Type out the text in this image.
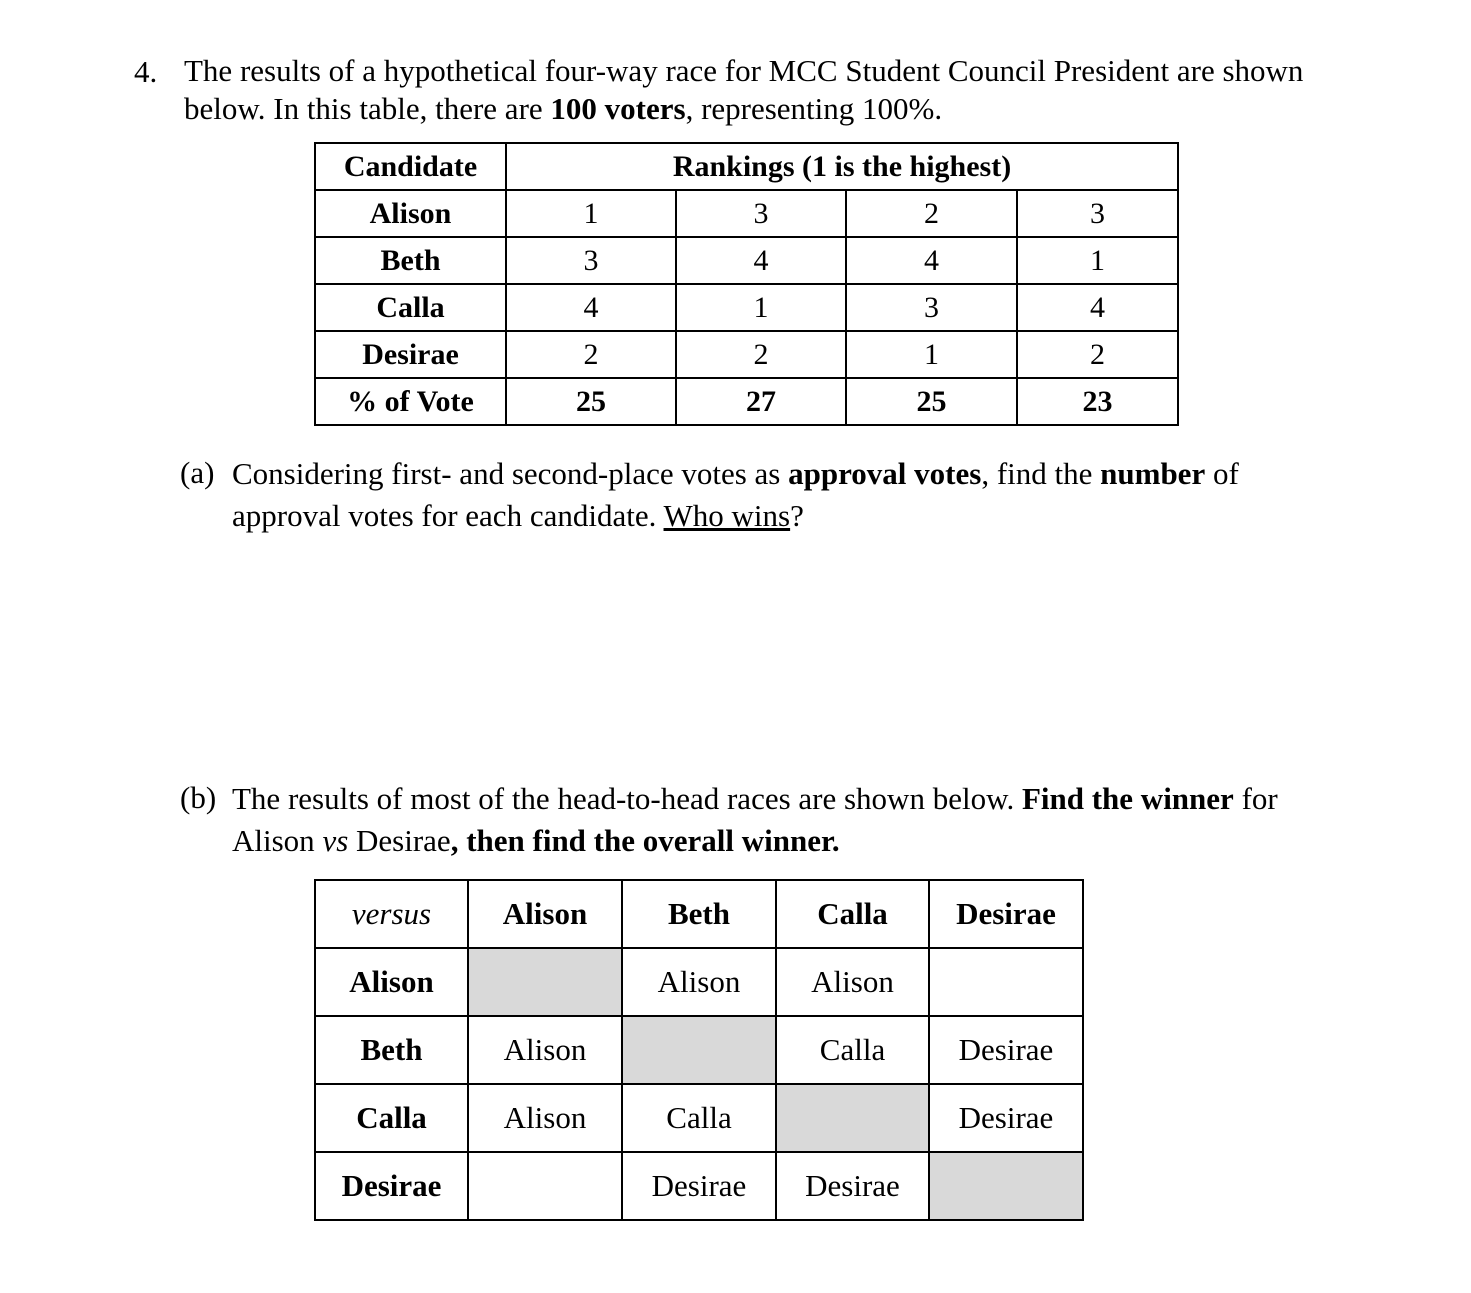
4. The results of a hypothetical four-way race for MCC Student Council President are shown
below. In this table, there are 100 voters, representing 100%.
Candidate	Rankings (1 is the highest)			
Alison	1	3	2	3
Beth	3	4	4	1
Calla	4	1	3	4
Desirae	2	2	1	2
% of Vote	25	27	25	23
(a) Considering first- and second-place votes as approval votes, find the number of
approval votes for each candidate. Who wins?
(b) The results of most of the head-to-head races are shown below. Find the winner for
Alison vs Desirae, then find the overall winner.
versus	Alison	Beth	Calla	Desirae
Alison		Alison	Alison	
Beth	Alison		Calla	Desirae
Calla	Alison	Calla		Desirae
Desirae		Desirae	Desirae	
